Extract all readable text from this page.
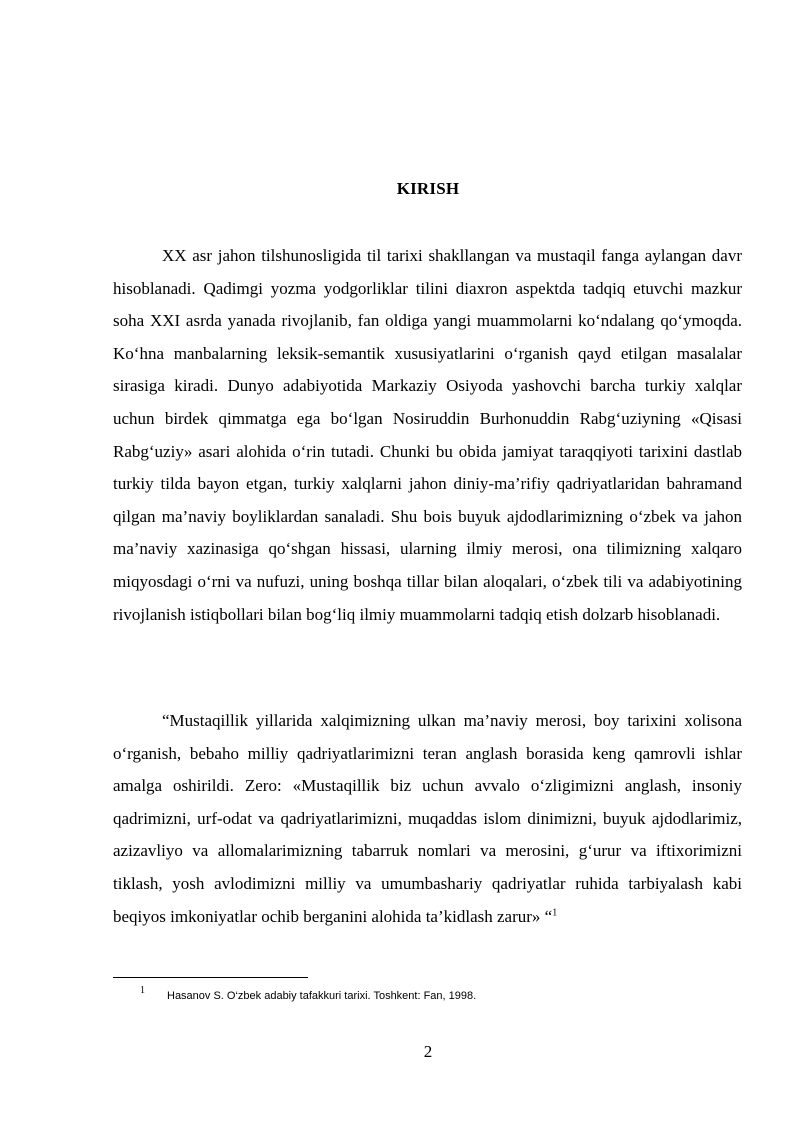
KIRISH

XX asr jahon tilshunosligida til tarixi shakllangan va mustaqil fanga aylangan davr hisoblanadi. Qadimgi yozma yodgorliklar tilini diaxron aspektda tadqiq etuvchi mazkur soha XXI asrda yanada rivojlanib, fan oldiga yangi muammolarni ko‘ndalang qo‘ymoqda. Ko‘hna manbalarning leksik-semantik xususiyatlarini o‘rganish qayd etilgan masalalar sirasiga kiradi. Dunyo adabiyotida Markaziy Osiyoda yashovchi barcha turkiy xalqlar uchun birdek qimmatga ega bo‘lgan Nosiruddin Burhonuddin Rabg‘uziyning «Qisasi Rabg‘uziy» asari alohida o‘rin tutadi. Chunki bu obida jamiyat taraqqiyoti tarixini dastlab turkiy tilda bayon etgan, turkiy xalqlarni jahon diniy-ma’rifiy qadriyatlaridan bahramand qilgan ma’naviy boyliklardan sanaladi. Shu bois buyuk ajdodlarimizning o‘zbek va jahon ma’naviy xazinasiga qo‘shgan hissasi, ularning ilmiy merosi, ona tilimizning xalqaro miqyosdagi o‘rni va nufuzi, uning boshqa tillar bilan aloqalari, o‘zbek tili va adabiyotining rivojlanish istiqbollari bilan bog‘liq ilmiy muammolarni tadqiq etish dolzarb hisoblanadi.

“Mustaqillik yillarida xalqimizning ulkan ma’naviy merosi, boy tarixini xolisona o‘rganish, bebaho milliy qadriyatlarimizni teran anglash borasida keng qamrovli ishlar amalga oshirildi. Zero: «Mustaqillik biz uchun avvalo o‘zligimizni anglash, insoniy qadrimizni, urf-odat va qadriyatlarimizni, muqaddas islom dinimizni, buyuk ajdodlarimiz, azizavliyo va allomalarimizning tabarruk nomlari va merosini, g‘urur va iftixorimizni tiklash, yosh avlodimizni milliy va umumbashariy qadriyatlar ruhida tarbiyalash kabi beqiyos imkoniyatlar ochib berganini alohida ta’kidlash zarur» “$^1$

1 Hasanov S. O‘zbek adabiy tafakkuri tarixi. Toshkent: Fan, 1998.
2
